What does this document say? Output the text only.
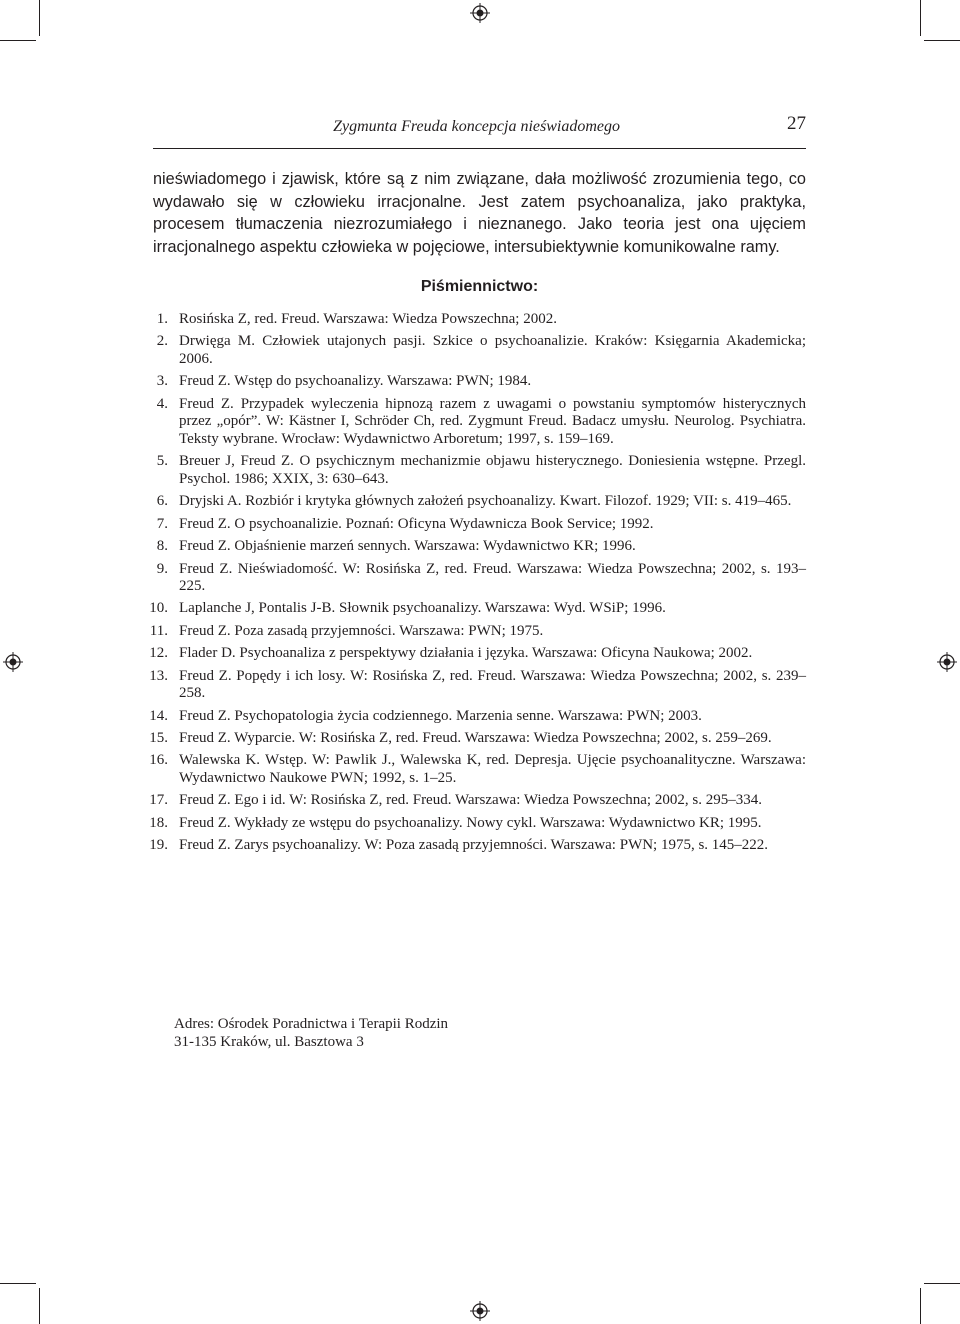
Zygmunta Freuda koncepcja nieświadomego	27

nieświadomego i zjawisk, które są z nim związane, dała możliwość zrozumienia tego, co wydawało się w człowieku irracjonalne. Jest zatem psychoanaliza, jako praktyka, procesem tłumaczenia niezrozumiałego i nieznanego. Jako teoria jest ona ujęciem irracjonalnego aspektu człowieka w pojęciowe, intersubiektywnie komunikowalne ramy.

Piśmiennictwo:
1. Rosińska Z, red. Freud. Warszawa: Wiedza Powszechna; 2002.
2. Drwięga M. Człowiek utajonych pasji. Szkice o psychoanalizie. Kraków: Księgarnia Akademicka; 2006.
3. Freud Z. Wstęp do psychoanalizy. Warszawa: PWN; 1984.
4. Freud Z. Przypadek wyleczenia hipnozą razem z uwagami o powstaniu symptomów histerycznych przez „opór”. W: Kästner I, Schröder Ch, red. Zygmunt Freud. Badacz umysłu. Neurolog. Psychiatra. Teksty wybrane. Wrocław: Wydawnictwo Arboretum; 1997, s. 159–169.
5. Breuer J, Freud Z. O psychicznym mechanizmie objawu histerycznego. Doniesienia wstępne. Przegl. Psychol. 1986; XXIX, 3: 630–643.
6. Dryjski A. Rozbiór i krytyka głównych założeń psychoanalizy. Kwart. Filozof. 1929; VII: s. 419–465.
7. Freud Z. O psychoanalizie. Poznań: Oficyna Wydawnicza Book Service; 1992.
8. Freud Z. Objaśnienie marzeń sennych. Warszawa: Wydawnictwo KR; 1996.
9. Freud Z. Nieświadomość. W: Rosińska Z, red. Freud. Warszawa: Wiedza Powszechna; 2002, s. 193–225.
10. Laplanche J, Pontalis J-B. Słownik psychoanalizy. Warszawa: Wyd. WSiP; 1996.
11. Freud Z. Poza zasadą przyjemności. Warszawa: PWN; 1975.
12. Flader D. Psychoanaliza z perspektywy działania i języka. Warszawa: Oficyna Naukowa; 2002.
13. Freud Z. Popędy i ich losy. W: Rosińska Z, red. Freud. Warszawa: Wiedza Powszechna; 2002, s. 239–258.
14. Freud Z. Psychopatologia życia codziennego. Marzenia senne. Warszawa: PWN; 2003.
15. Freud Z. Wyparcie. W: Rosińska Z, red. Freud. Warszawa: Wiedza Powszechna; 2002, s. 259–269.
16. Walewska K. Wstęp. W: Pawlik J., Walewska K, red. Depresja. Ujęcie psychoanalityczne. Warszawa: Wydawnictwo Naukowe PWN; 1992, s. 1–25.
17. Freud Z. Ego i id. W: Rosińska Z, red. Freud. Warszawa: Wiedza Powszechna; 2002, s. 295–334.
18. Freud Z. Wykłady ze wstępu do psychoanalizy. Nowy cykl. Warszawa: Wydawnictwo KR; 1995.
19. Freud Z. Zarys psychoanalizy. W: Poza zasadą przyjemności. Warszawa: PWN; 1975, s. 145–222.
Adres: Ośrodek Poradnictwa i Terapii Rodzin
31-135 Kraków, ul. Basztowa 3
